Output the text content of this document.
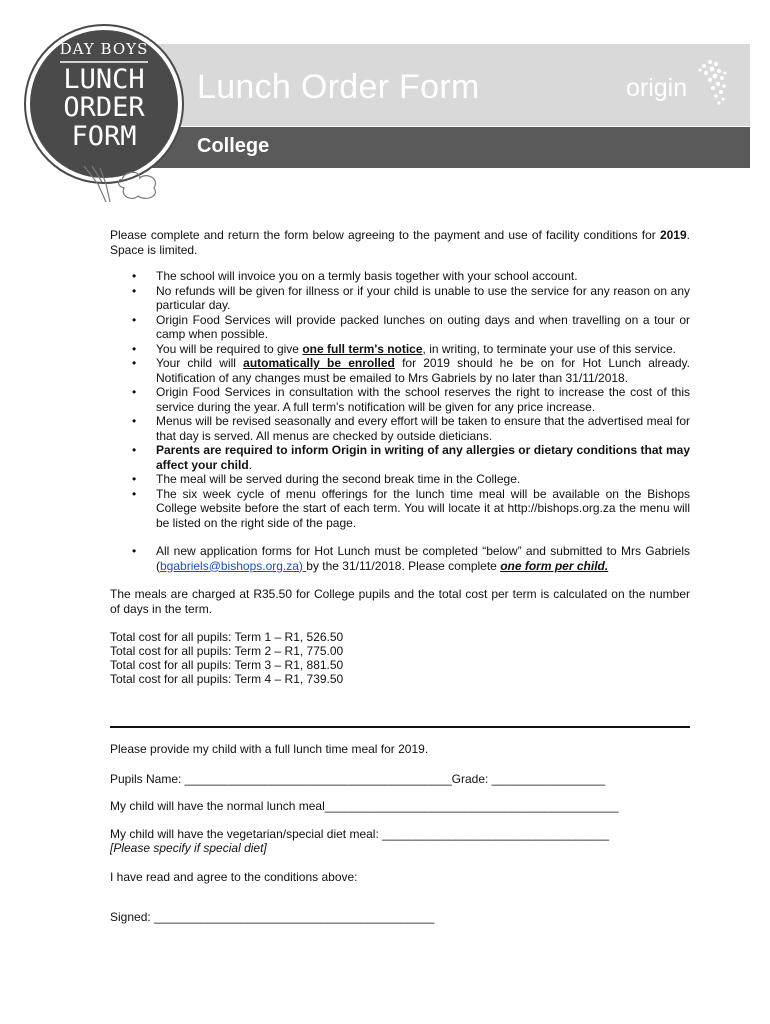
Lunch Order Form
College
origin
DAY BOYS
LUNCH
ORDER
FORM

Please complete and return the form below agreeing to the payment and use of facility conditions for 2019. Space is limited.

• The school will invoice you on a termly basis together with your school account.
• No refunds will be given for illness or if your child is unable to use the service for any reason on any particular day.
• Origin Food Services will provide packed lunches on outing days and when travelling on a tour or camp when possible.
• You will be required to give one full term's notice, in writing, to terminate your use of this service.
• Your child will automatically be enrolled for 2019 should he be on for Hot Lunch already. Notification of any changes must be emailed to Mrs Gabriels by no later than 31/11/2018.
• Origin Food Services in consultation with the school reserves the right to increase the cost of this service during the year. A full term's notification will be given for any price increase.
• Menus will be revised seasonally and every effort will be taken to ensure that the advertised meal for that day is served. All menus are checked by outside dieticians.
• Parents are required to inform Origin in writing of any allergies or dietary conditions that may affect your child.
• The meal will be served during the second break time in the College.
• The six week cycle of menu offerings for the lunch time meal will be available on the Bishops College website before the start of each term. You will locate it at http://bishops.org.za the menu will be listed on the right side of the page.
• All new application forms for Hot Lunch must be completed “below” and submitted to Mrs Gabriels (bgabriels@bishops.org.za) by the 31/11/2018. Please complete one form per child.

The meals are charged at R35.50 for College pupils and the total cost per term is calculated on the number of days in the term.

Total cost for all pupils: Term 1 – R1, 526.50
Total cost for all pupils: Term 2 – R1, 775.00
Total cost for all pupils: Term 3 – R1, 881.50
Total cost for all pupils: Term 4 – R1, 739.50

Please provide my child with a full lunch time meal for 2019.

Pupils Name: ________________________________________Grade: _________________

My child will have the normal lunch meal____________________________________________

My child will have the vegetarian/special diet meal: __________________________________

[Please specify if special diet]

I have read and agree to the conditions above:

Signed: __________________________________________
